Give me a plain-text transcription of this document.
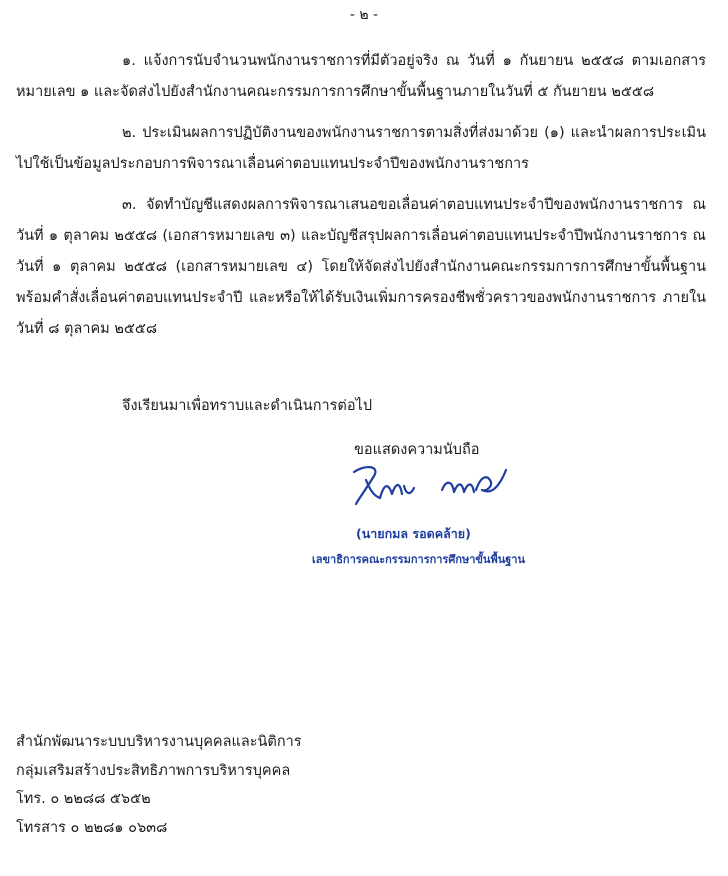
- ๒ -

๑. แจ้งการนับจำนวนพนักงานราชการที่มีตัวอยู่จริง ณ วันที่ ๑ กันยายน ๒๕๕๘ ตามเอกสารหมายเลข ๑ และจัดส่งไปยังสำนักงานคณะกรรมการการศึกษาขั้นพื้นฐานภายในวันที่ ๕ กันยายน ๒๕๕๘

๒. ประเมินผลการปฏิบัติงานของพนักงานราชการตามสิ่งที่ส่งมาด้วย (๑) และนำผลการประเมินไปใช้เป็นข้อมูลประกอบการพิจารณาเลื่อนค่าตอบแทนประจำปีของพนักงานราชการ

๓. จัดทำบัญชีแสดงผลการพิจารณาเสนอขอเลื่อนค่าตอบแทนประจำปีของพนักงานราชการ ณ วันที่ ๑ ตุลาคม ๒๕๕๘ (เอกสารหมายเลข ๓) และบัญชีสรุปผลการเลื่อนค่าตอบแทนประจำปีพนักงานราชการ ณ วันที่ ๑ ตุลาคม ๒๕๕๘ (เอกสารหมายเลข ๔) โดยให้จัดส่งไปยังสำนักงานคณะกรรมการการศึกษาขั้นพื้นฐาน พร้อมคำสั่งเลื่อนค่าตอบแทนประจำปี และหรือให้ได้รับเงินเพิ่มการครองชีพชั่วคราวของพนักงานราชการ ภายในวันที่ ๘ ตุลาคม ๒๕๕๘

จึงเรียนมาเพื่อทราบและดำเนินการต่อไป
ขอแสดงความนับถือ
(นายกมล รอดคล้าย)
เลขาธิการคณะกรรมการการศึกษาขั้นพื้นฐาน
สำนักพัฒนาระบบบริหารงานบุคคลและนิติการ
กลุ่มเสริมสร้างประสิทธิภาพการบริหารบุคคล
โทร. ๐ ๒๒๘๘ ๕๖๕๒
โทรสาร ๐ ๒๒๘๑ ๐๖๓๘
